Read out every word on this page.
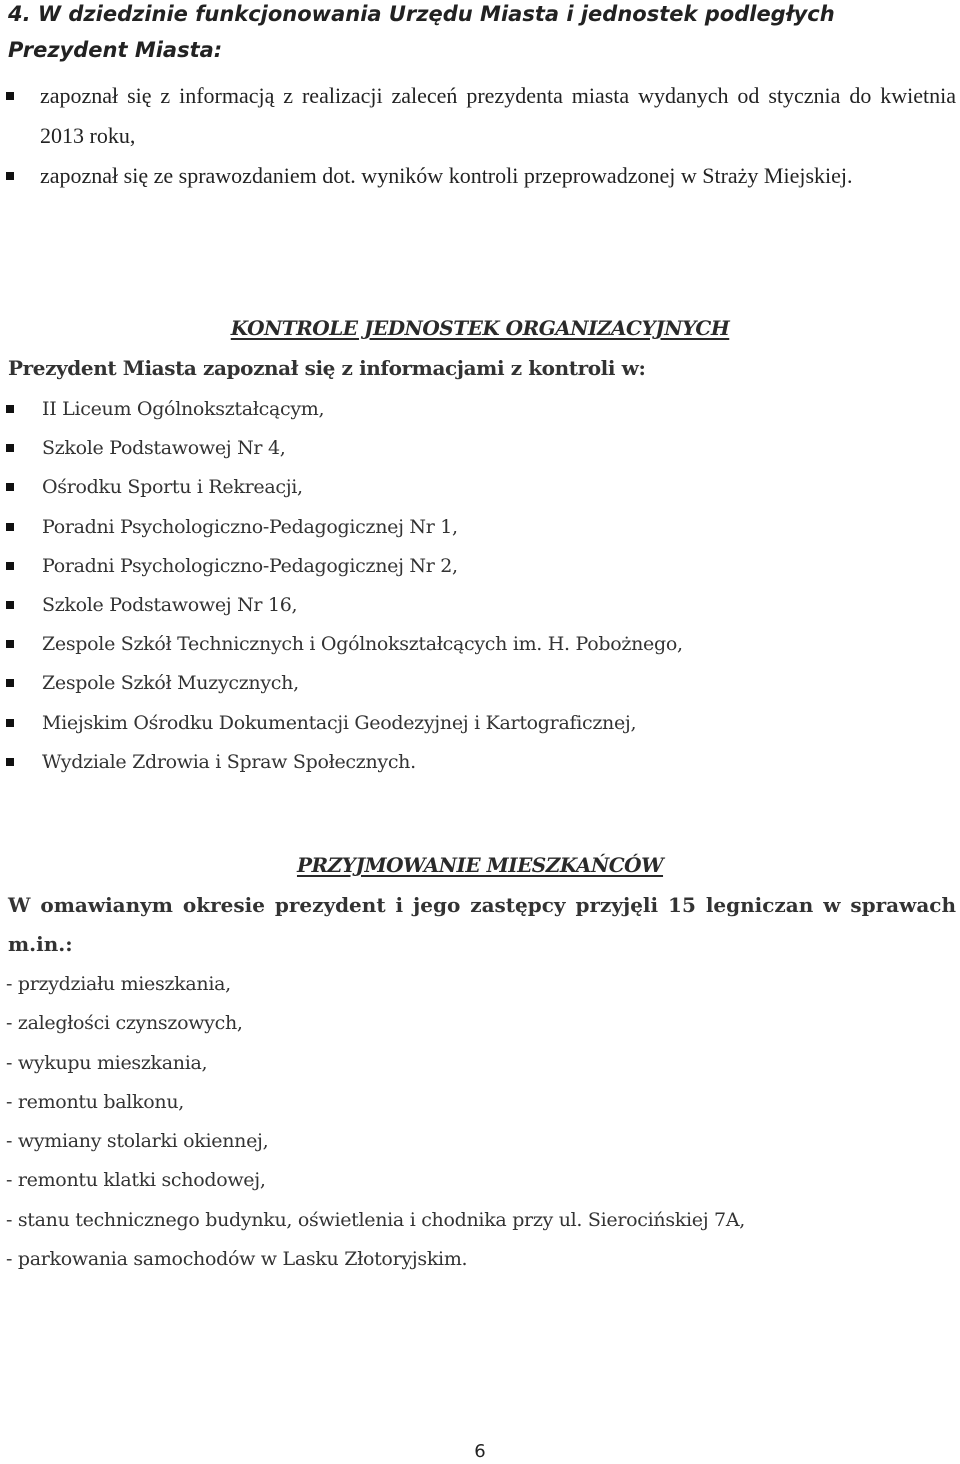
4. W dziedzinie funkcjonowania Urzędu Miasta i jednostek podległych
Prezydent Miasta:
zapoznał się z informacją z realizacji zaleceń prezydenta miasta wydanych od stycznia do kwietnia 2013 roku,
zapoznał się ze sprawozdaniem dot. wyników kontroli przeprowadzonej w Straży Miejskiej.
KONTROLE JEDNOSTEK ORGANIZACYJNYCH
Prezydent Miasta zapoznał się z informacjami z kontroli w:
II Liceum Ogólnokształcącym,
Szkole Podstawowej Nr 4,
Ośrodku Sportu i Rekreacji,
Poradni Psychologiczno-Pedagogicznej Nr 1,
Poradni Psychologiczno-Pedagogicznej Nr 2,
Szkole Podstawowej Nr 16,
Zespole Szkół Technicznych i Ogólnokształcących im. H. Pobożnego,
Zespole Szkół Muzycznych,
Miejskim Ośrodku Dokumentacji Geodezyjnej i Kartograficznej,
Wydziale Zdrowia i Spraw Społecznych.
PRZYJMOWANIE MIESZKAŃCÓW
W omawianym okresie prezydent i jego zastępcy przyjęli 15 legniczan w sprawach m.in.:
- przydziału mieszkania,
- zaległości czynszowych,
- wykupu mieszkania,
- remontu balkonu,
- wymiany stolarki okiennej,
- remontu klatki schodowej,
- stanu technicznego budynku, oświetlenia i chodnika przy ul. Sierocińskiej 7A,
- parkowania samochodów w Lasku Złotoryjskim.
6
